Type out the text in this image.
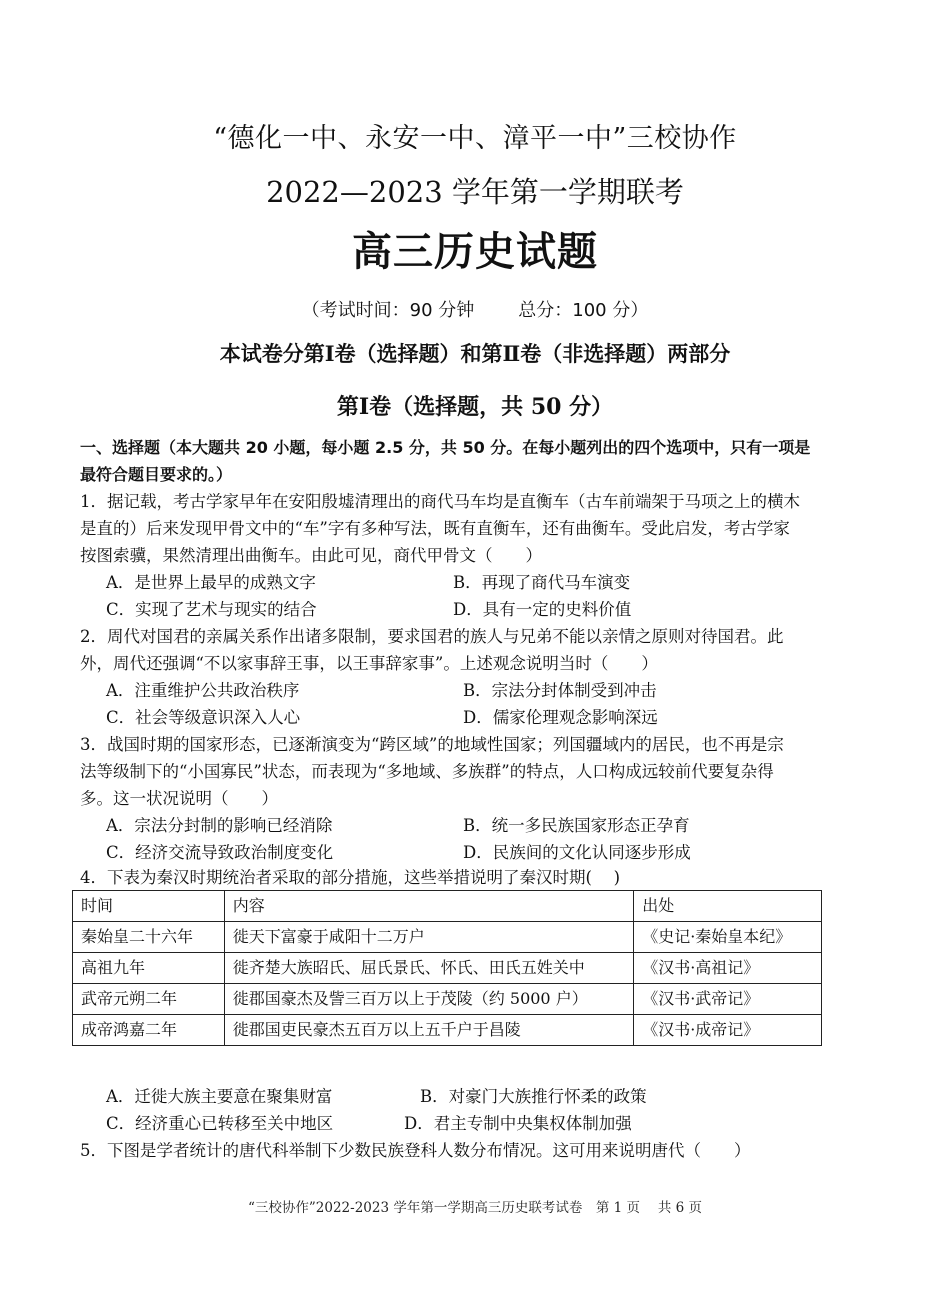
“德化一中、永安一中、漳平一中”三校协作
2022—2023 学年第一学期联考
高三历史试题
（考试时间：90 分钟 总分：100 分）
本试卷分第Ⅰ卷（选择题）和第Ⅱ卷（非选择题）两部分
第Ⅰ卷（选择题，共 50 分）
一、选择题（本大题共 20 小题，每小题 2.5 分，共 50 分。在每小题列出的四个选项中，只有一项是
最符合题目要求的。）
1．据记载，考古学家早年在安阳殷墟清理出的商代马车均是直衡车（古车前端架于马项之上的横木
是直的）后来发现甲骨文中的“车”字有多种写法，既有直衡车，还有曲衡车。受此启发，考古学家
按图索骥，果然清理出曲衡车。由此可见，商代甲骨文（　　）
A．是世界上最早的成熟文字	B．再现了商代马车演变
C．实现了艺术与现实的结合	D．具有一定的史料价值
2．周代对国君的亲属关系作出诸多限制，要求国君的族人与兄弟不能以亲情之原则对待国君。此
外，周代还强调“不以家事辞王事，以王事辞家事”。上述观念说明当时（　　）
A．注重维护公共政治秩序	B．宗法分封体制受到冲击
C．社会等级意识深入人心	D．儒家伦理观念影响深远
3．战国时期的国家形态，已逐渐演变为“跨区域”的地域性国家；列国疆域内的居民，也不再是宗
法等级制下的“小国寡民”状态，而表现为“多地域、多族群”的特点，人口构成远较前代要复杂得
多。这一状况说明（　　）
A．宗法分封制的影响已经消除	B．统一多民族国家形态正孕育
C．经济交流导致政治制度变化	D．民族间的文化认同逐步形成
4．下表为秦汉时期统治者采取的部分措施，这些举措说明了秦汉时期(　 )
时间	内容	出处
秦始皇二十六年	徙天下富豪于咸阳十二万户	《史记·秦始皇本纪》
高祖九年	徙齐楚大族昭氏、屈氏景氏、怀氏、田氏五姓关中	《汉书·高祖记》
武帝元朔二年	徙郡国豪杰及訾三百万以上于茂陵（约 5000 户）	《汉书·武帝记》
成帝鸿嘉二年	徙郡国吏民豪杰五百万以上五千户于昌陵	《汉书·成帝记》
A．迁徙大族主要意在聚集财富	B．对豪门大族推行怀柔的政策
C．经济重心已转移至关中地区	D．君主专制中央集权体制加强
5．下图是学者统计的唐代科举制下少数民族登科人数分布情况。这可用来说明唐代（　　）
“三校协作”2022-2023 学年第一学期高三历史联考试卷　第 1 页　 共 6 页
